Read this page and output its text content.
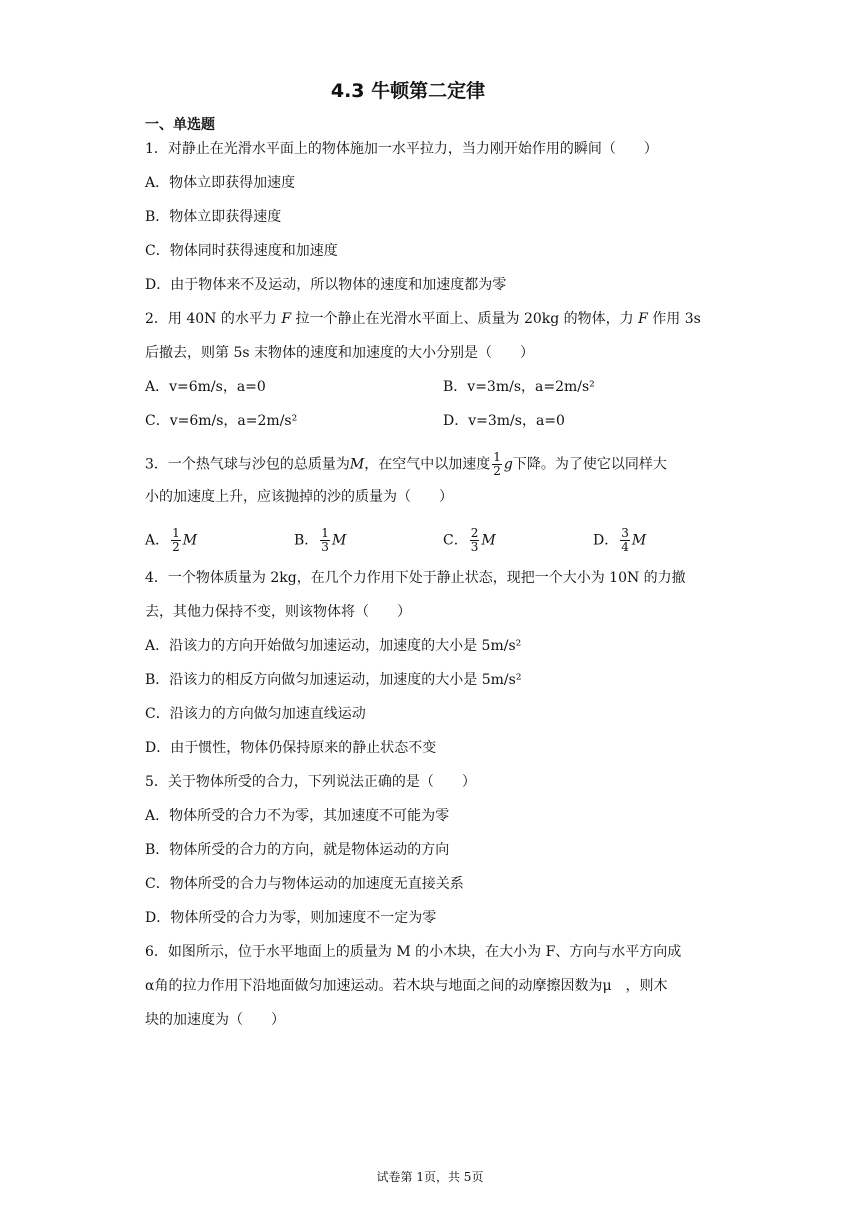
4.3 牛顿第二定律
一、单选题
1．对静止在光滑水平面上的物体施加一水平拉力，当力刚开始作用的瞬间（　　）
A．物体立即获得加速度
B．物体立即获得速度
C．物体同时获得速度和加速度
D．由于物体来不及运动，所以物体的速度和加速度都为零
2．用 40N 的水平力 F 拉一个静止在光滑水平面上、质量为 20kg 的物体，力 F 作用 3s
后撤去，则第 5s 末物体的速度和加速度的大小分别是（　　）
A．v=6m/s，a=0	B．v=3m/s，a=2m/s²
C．v=6m/s，a=2m/s²	D．v=3m/s，a=0
3．一个热气球与沙包的总质量为M，在空气中以加速度 $\frac{1}{2}$ g下降。为了使它以同样大
小的加速度上升，应该抛掉的沙的质量为（　　）
A． $\frac{1}{2}$ M	B． $\frac{1}{3}$ M	C． $\frac{2}{3}$ M	D． $\frac{3}{4}$ M
4．一个物体质量为 2kg，在几个力作用下处于静止状态，现把一个大小为 10N 的力撤
去，其他力保持不变，则该物体将（　　）
A．沿该力的方向开始做匀加速运动，加速度的大小是 5m/s²
B．沿该力的相反方向做匀加速运动，加速度的大小是 5m/s²
C．沿该力的方向做匀加速直线运动
D．由于惯性，物体仍保持原来的静止状态不变
5．关于物体所受的合力，下列说法正确的是（　　）
A．物体所受的合力不为零，其加速度不可能为零
B．物体所受的合力的方向，就是物体运动的方向
C．物体所受的合力与物体运动的加速度无直接关系
D．物体所受的合力为零，则加速度不一定为零
6．如图所示，位于水平地面上的质量为 M 的小木块，在大小为 F、方向与水平方向成
α角的拉力作用下沿地面做匀加速运动。若木块与地面之间的动摩擦因数为μ　，则木
块的加速度为（　　）
试卷第 1页，共 5页
